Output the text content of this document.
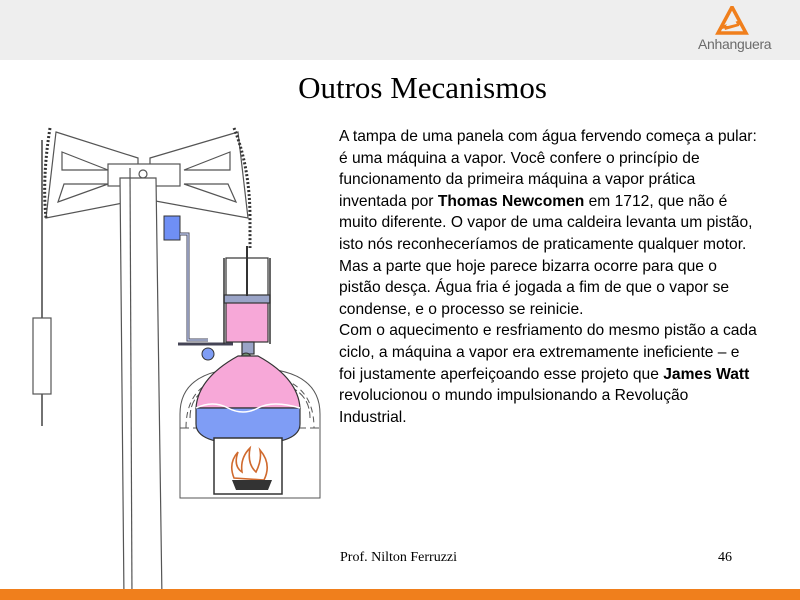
Anhanguera
Outros Mecanismos

A tampa de uma panela com água fervendo começa a pular: é uma máquina a vapor. Você confere o princípio de funcionamento da primeira máquina a vapor prática inventada por Thomas Newcomen em 1712, que não é muito diferente. O vapor de uma caldeira levanta um pistão, isto nós reconheceríamos de praticamente qualquer motor. Mas a parte que hoje parece bizarra ocorre para que o pistão desça. Água fria é jogada a fim de que o vapor se condense, e o processo se reinicie.

Com o aquecimento e resfriamento do mesmo pistão a cada ciclo, a máquina a vapor era extremamente ineficiente – e foi justamente aperfeiçoando esse projeto que James Watt revolucionou o mundo impulsionando a Revolução Industrial.

Prof. Nilton Ferruzzi	46
